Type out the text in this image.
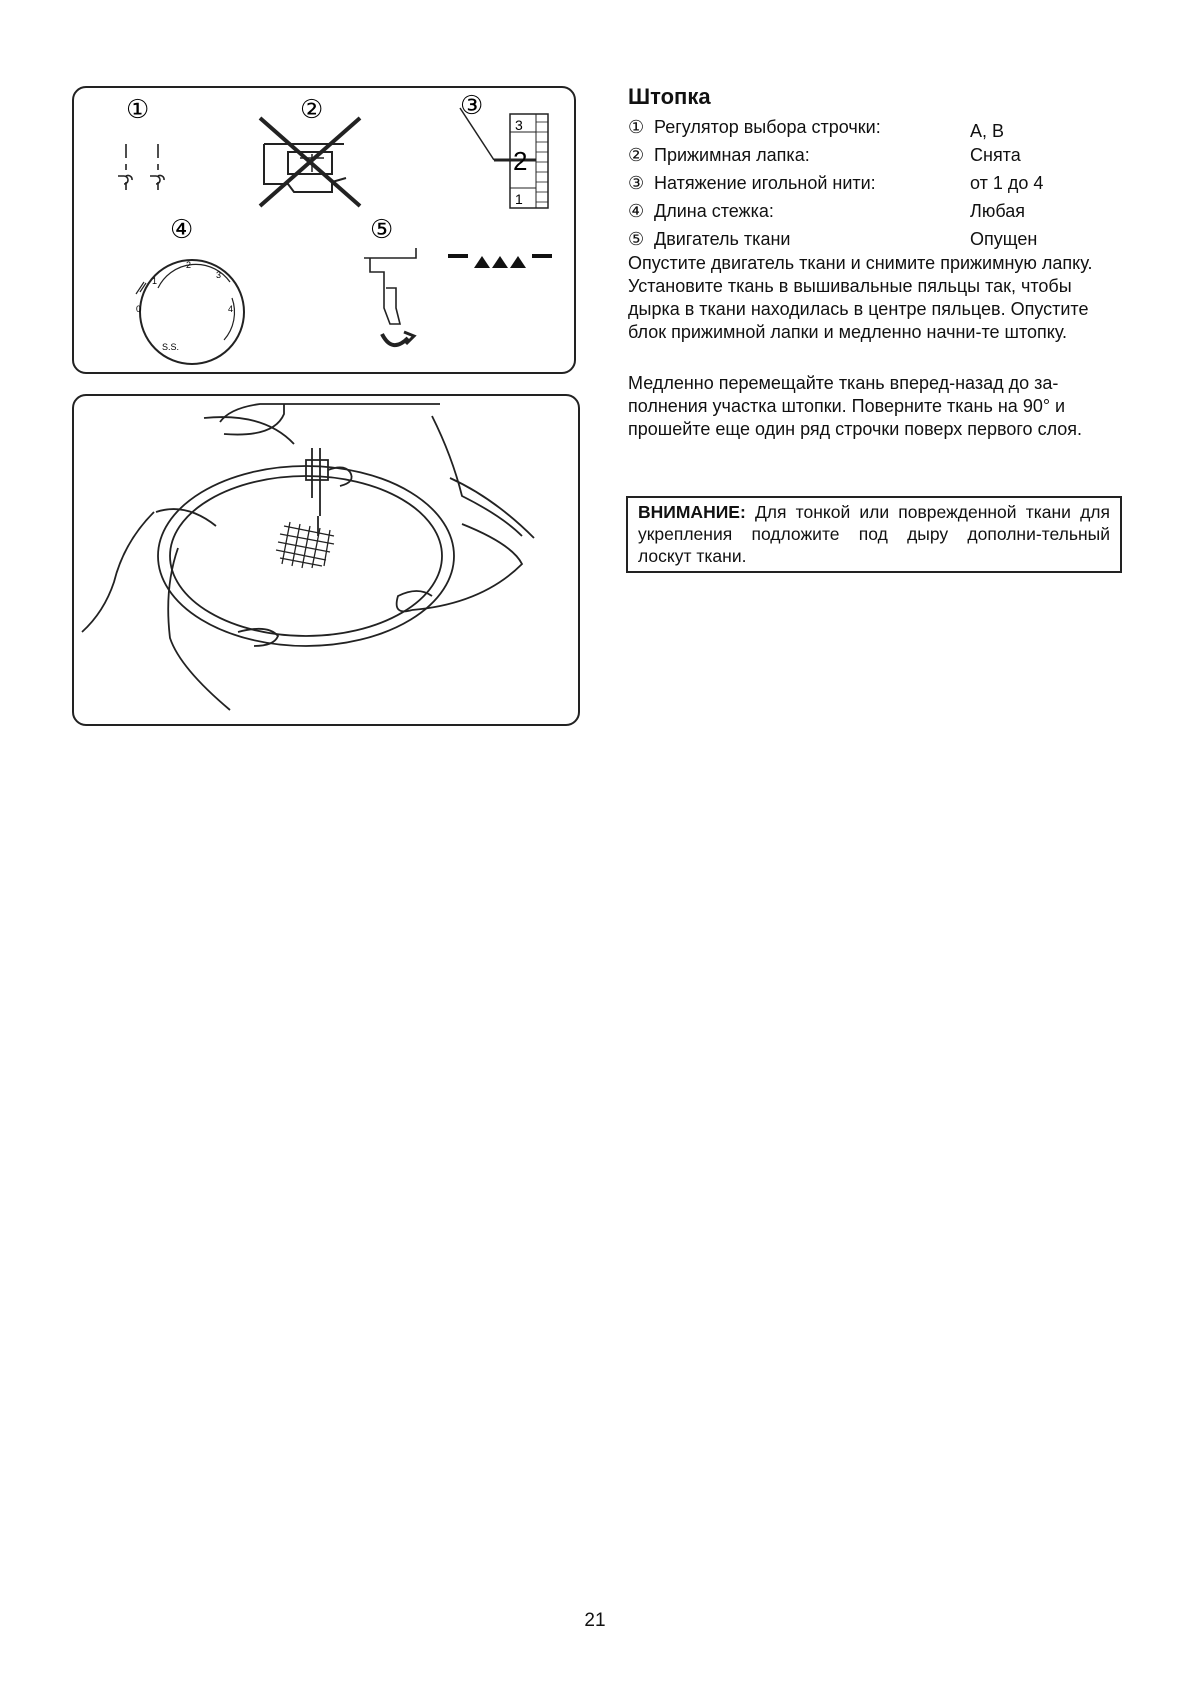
①	②	③
④	⑤
3
2
1
0
1
2
3
4
S.S.
Штопка
① Регулятор выбора строчки:	A, B
② Прижимная лапка:	Снята
③ Натяжение игольной нити:	от 1 до 4
④ Длина стежка:	Любая
⑤ Двигатель ткани	Опущен
Опустите двигатель ткани и снимите прижимную лапку. Установите ткань в вышивальные пяльцы так, чтобы дырка в ткани находилась в центре пяльцев. Опустите блок прижимной лапки и медленно начни-те штопку.
Медленно перемещайте ткань вперед-назад до за-полнения участка штопки. Поверните ткань на 90° и прошейте еще один ряд строчки поверх первого слоя.
ВНИМАНИЕ: Для тонкой или поврежденной ткани для укрепления подложите под дыру дополни-тельный лоскут ткани.
21
